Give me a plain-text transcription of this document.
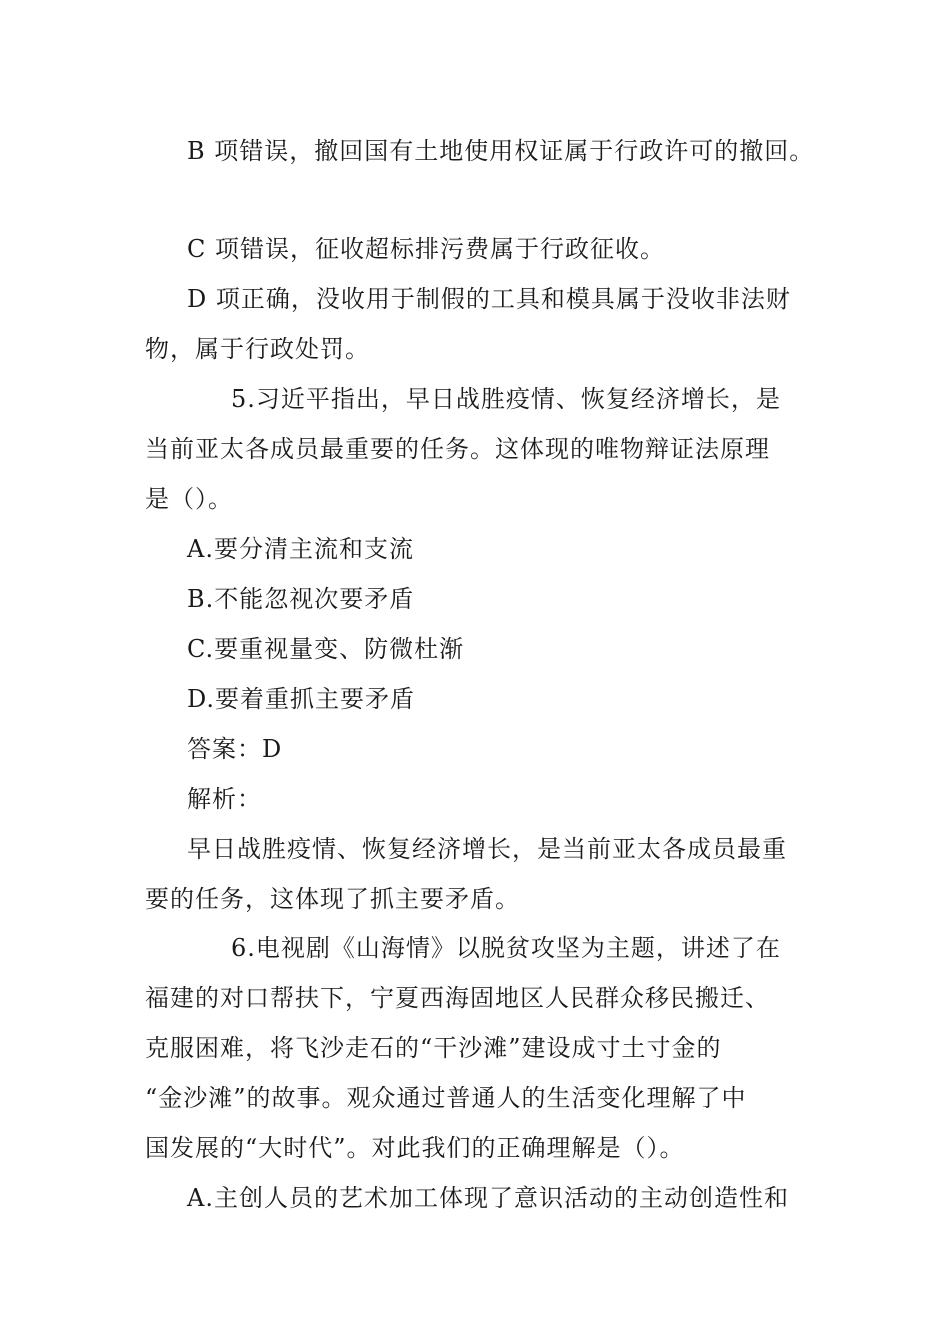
B 项错误，撤回国有土地使用权证属于行政许可的撤回。
C 项错误，征收超标排污费属于行政征收。
D 项正确，没收用于制假的工具和模具属于没收非法财
物，属于行政处罚。
5.习近平指出，早日战胜疫情、恢复经济增长，是
当前亚太各成员最重要的任务。这体现的唯物辩证法原理
是（）。
A.要分清主流和支流
B.不能忽视次要矛盾
C.要重视量变、防微杜渐
D.要着重抓主要矛盾
答案：D
解析：
早日战胜疫情、恢复经济增长，是当前亚太各成员最重
要的任务，这体现了抓主要矛盾。
6.电视剧《山海情》以脱贫攻坚为主题，讲述了在
福建的对口帮扶下，宁夏西海固地区人民群众移民搬迁、
克服困难，将飞沙走石的“干沙滩”建设成寸土寸金的
“金沙滩”的故事。观众通过普通人的生活变化理解了中
国发展的“大时代”。对此我们的正确理解是（）。
A.主创人员的艺术加工体现了意识活动的主动创造性和
